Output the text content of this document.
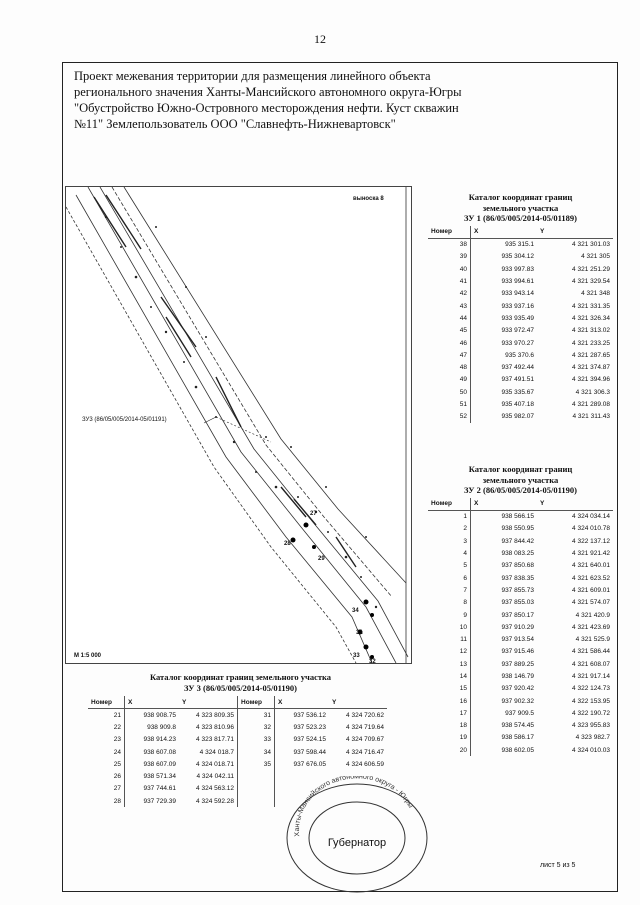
12
Проект межевания территории для размещения линейного объекта
регионального значения Ханты-Мансийского автономного округа-Югры
"Обустройство Южно-Островного месторождения нефти. Куст скважин
№11" Землепользователь ООО "Славнефть-Нижневартовск"
выноска 8
ЗУ3 (86/05/005/2014-05/01191)
М 1:5 000
27
28
29
34
31
33
32
Каталог координат границ
земельного участка
ЗУ 1 (86/05/005/2014-05/01189)
Номер	X	Y
38	935 315.1	4 321 301.03
39	935 304.12	4 321 305
40	933 997.83	4 321 251.29
41	933 994.61	4 321 329.54
42	933 943.14	4 321 348
43	933 937.16	4 321 331.35
44	933 935.49	4 321 326.34
45	933 972.47	4 321 313.02
46	933 970.27	4 321 233.25
47	935 370.6	4 321 287.65
48	937 492.44	4 321 374.87
49	937 491.51	4 321 394.96
50	935 335.67	4 321 306.3
51	935 407.18	4 321 289.08
52	935 982.07	4 321 311.43
Каталог координат границ
земельного участка
ЗУ 2 (86/05/005/2014-05/01190)
Номер	X	Y
1	938 566.15	4 324 034.14
2	938 550.95	4 324 010.78
3	937 844.42	4 322 137.12
4	938 083.25	4 321 921.42
5	937 850.68	4 321 640.01
6	937 838.35	4 321 623.52
7	937 855.73	4 321 609.01
8	937 855.03	4 321 574.07
9	937 850.17	4 321 420.9
10	937 910.29	4 321 423.69
11	937 913.54	4 321 525.9
12	937 915.46	4 321 586.44
13	937 889.25	4 321 608.07
14	938 146.79	4 321 917.14
15	937 920.42	4 322 124.73
16	937 902.32	4 322 153.95
17	937 909.5	4 322 190.72
18	938 574.45	4 323 955.83
19	938 586.17	4 323 982.7
20	938 602.05	4 324 010.03
Каталог координат границ земельного участка
ЗУ 3 (86/05/005/2014-05/01190)
Номер	X	Y	Номер	X	Y
21	938 908.75	4 323 809.35	31	937 536.12	4 324 720.62
22	938 909.8	4 323 810.96	32	937 523.23	4 324 719.64
23	938 914.23	4 323 817.71	33	937 524.15	4 324 709.67
24	938 607.08	4 324 018.7	34	937 598.44	4 324 716.47
25	938 607.09	4 324 018.71	35	937 676.05	4 324 606.59
26	938 571.34	4 324 042.11			
27	937 744.61	4 324 563.12			
28	937 729.39	4 324 592.28			
Ханты-Мансийского автономного округа - Югры
Губернатор
лист 5 из 5
